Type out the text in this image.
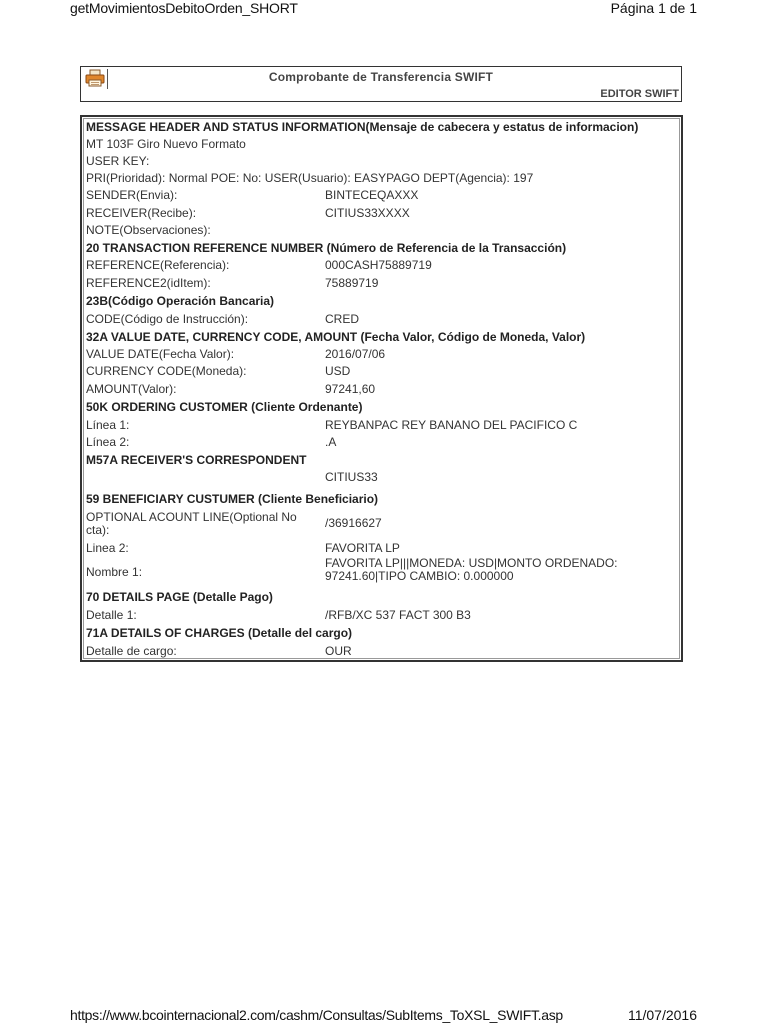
getMovimientosDebitoOrden_SHORT	Página 1 de 1
Comprobante de Transferencia SWIFT
EDITOR SWIFT
MESSAGE HEADER AND STATUS INFORMATION(Mensaje de cabecera y estatus de informacion)
MT 103F Giro Nuevo Formato
USER KEY:
PRI(Prioridad): Normal POE: No: USER(Usuario): EASYPAGO DEPT(Agencia): 197
SENDER(Envia):	BINTECEQAXXX
RECEIVER(Recibe):	CITIUS33XXXX
NOTE(Observaciones):
20 TRANSACTION REFERENCE NUMBER (Número de Referencia de la Transacción)
REFERENCE(Referencia):	000CASH75889719
REFERENCE2(idItem):	75889719
23B(Código Operación Bancaria)
CODE(Código de Instrucción):	CRED
32A VALUE DATE, CURRENCY CODE, AMOUNT (Fecha Valor, Código de Moneda, Valor)
VALUE DATE(Fecha Valor):	2016/07/06
CURRENCY CODE(Moneda):	USD
AMOUNT(Valor):	97241,60
50K ORDERING CUSTOMER (Cliente Ordenante)
Línea 1:	REYBANPAC REY BANANO DEL PACIFICO C
Línea 2:	.A
M57A RECEIVER'S CORRESPONDENT
CITIUS33
59 BENEFICIARY CUSTUMER (Cliente Beneficiario)
OPTIONAL ACOUNT LINE(Optional No cta):	/36916627
Linea 2:	FAVORITA LP
Nombre 1:
FAVORITA LP|||MONEDA: USD|MONTO ORDENADO: 97241.60|TIPO CAMBIO: 0.000000
70 DETAILS PAGE (Detalle Pago)
Detalle 1:	/RFB/XC 537 FACT 300 B3
71A DETAILS OF CHARGES (Detalle del cargo)
Detalle de cargo:	OUR
https://www.bcointernacional2.com/cashm/Consultas/SubItems_ToXSL_SWIFT.asp	11/07/2016
